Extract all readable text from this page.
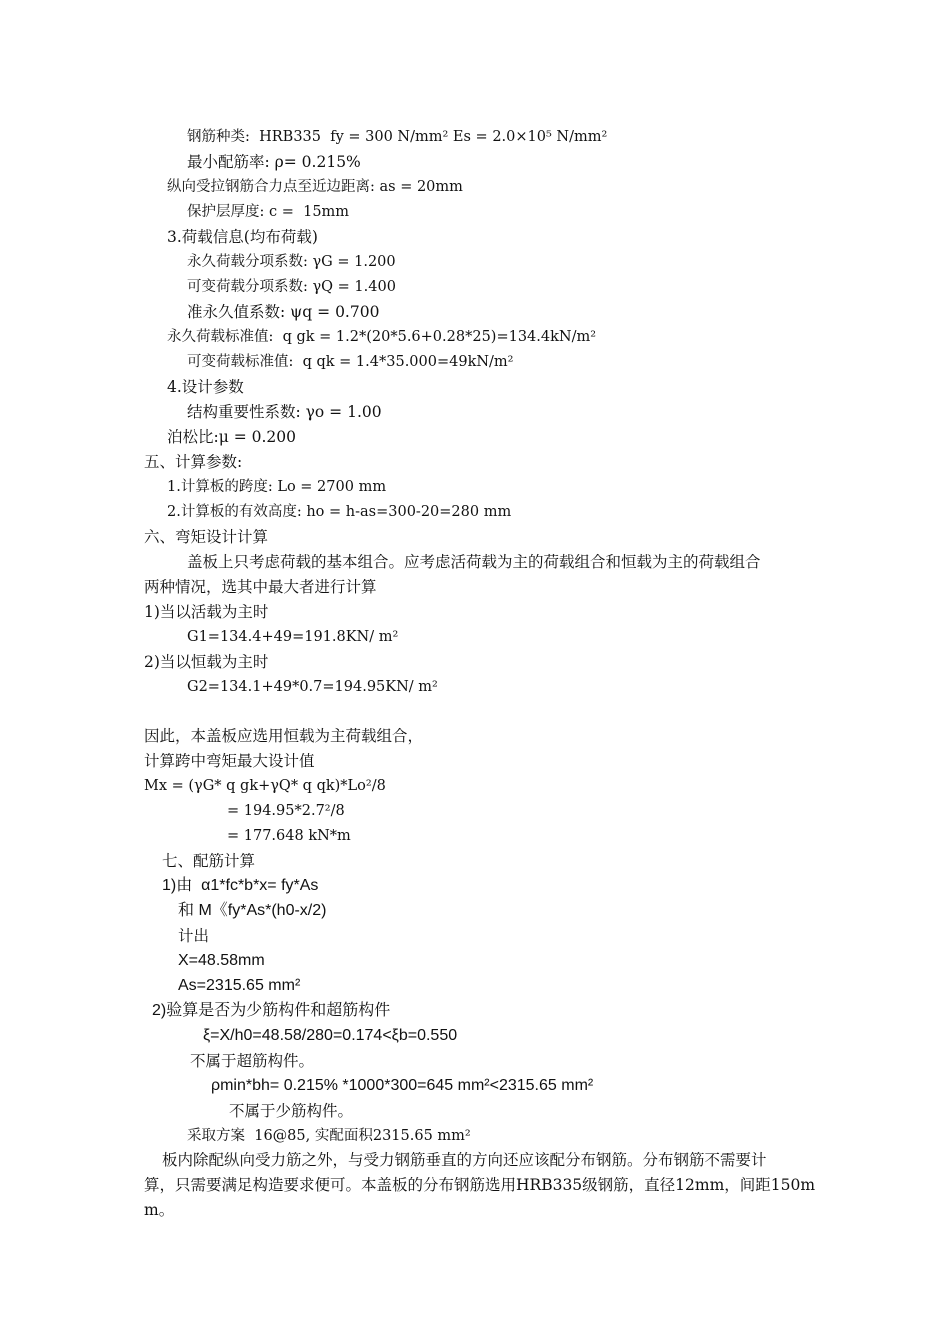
钢筋种类:  HRB335  fy = 300 N/mm² Es = 2.0×10⁵ N/mm²
最小配筋率: ρ= 0.215%
纵向受拉钢筋合力点至近边距离: as = 20mm
保护层厚度: c =  15mm
3.荷载信息(均布荷载)
永久荷载分项系数: γG = 1.200
可变荷载分项系数: γQ = 1.400
准永久值系数: ψq = 0.700
永久荷载标准值:  q gk = 1.2*(20*5.6+0.28*25)=134.4kN/m²
可变荷载标准值:  q qk = 1.4*35.000=49kN/m²
4.设计参数
结构重要性系数: γo = 1.00
泊松比:μ = 0.200
五、计算参数:
1.计算板的跨度: Lo = 2700 mm
2.计算板的有效高度: ho = h-as=300-20=280 mm
六、弯矩设计计算
盖板上只考虑荷载的基本组合。应考虑活荷载为主的荷载组合和恒载为主的荷载组合
两种情况，选其中最大者进行计算
1)当以活载为主时
G1=134.4+49=191.8KN/ m²
2)当以恒载为主时
G2=134.1+49*0.7=194.95KN/ m²
因此，本盖板应选用恒载为主荷载组合，
计算跨中弯矩最大设计值
Mx = (γG* q gk+γQ* q qk)*Lo²/8
= 194.95*2.7²/8
= 177.648 kN*m
七、配筋计算
1)由  α1*fc*b*x= fy*As
和 M《fy*As*(h0-x/2)
计出
X=48.58mm
As=2315.65 mm²
2)验算是否为少筋构件和超筋构件
ξ=X/h0=48.58/280=0.174<ξb=0.550
不属于超筋构件。
ρmin*bh= 0.215% *1000*300=645 mm²<2315.65 mm²
不属于少筋构件。
采取方案  16@85, 实配面积2315.65 mm²
板内除配纵向受力筋之外，与受力钢筋垂直的方向还应该配分布钢筋。分布钢筋不需要计
算，只需要满足构造要求便可。本盖板的分布钢筋选用HRB335级钢筋，直径12mm，间距150m
m。
